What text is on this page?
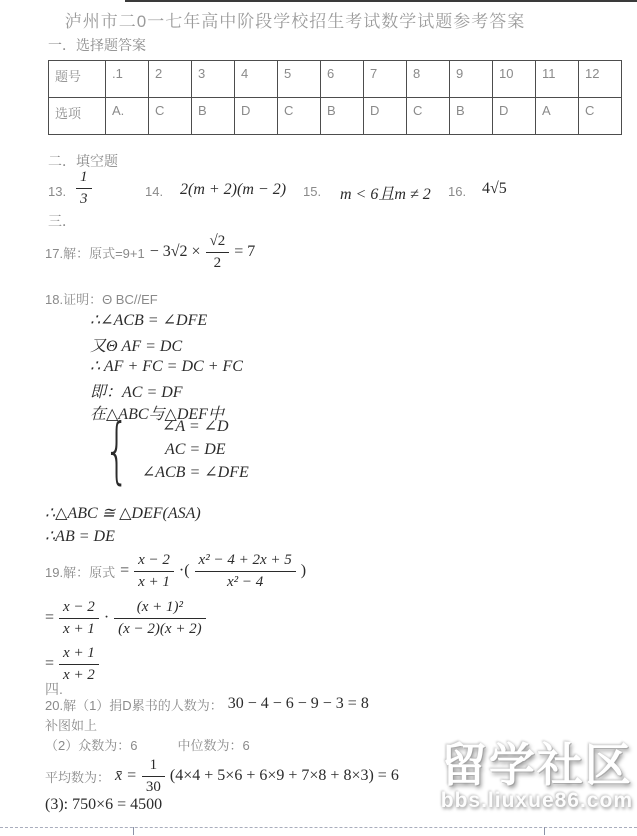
泸州市二0一七年高中阶段学校招生考试数学试题参考答案
一．选择题答案
题号	.1	2	3	4	5	6	7	8	9	10	11	12
选项	A.	C	B	D	C	B	D	C	B	D	A	C
二．填空题
13. $\frac{1}{3}$	14. 2(m + 2)(m − 2) 15. m < 6且m ≠ 2 16. 4√5
三．
17.解：原式$=9+1 - 3√2 \times \frac{√2}{2} = 7$
18.证明：Θ BC//EF
∴∠ACB = ∠DFE
又Θ AF = DC
∴ AF + FC = DC + FC
即：AC = DF
在△ABC与△DEF中
{ ∠A = ∠D
AC = DE
∠ACB = ∠DFE
∴△ABC ≅ △DEF(ASA)
∴AB = DE
19.解：原式 = $\frac{x - 2}{x + 1}$ ·( $\frac{\text{x² − 4 + 2x + 5}}{\text{x² − 4}}$ )
= $\frac{x - 2}{x + 1} \cdot \frac{\text{(x + 1)²}}{(x - 2)(x + 2)}$
= $\frac{x + 1}{x + 2}$
四.
20.解（1）捐D累书的人数为： 30 − 4 − 6 − 9 − 3 = 8
补图如上
（2）众数为：6	中位数为：6
平均数为： x̄ = $\frac{1}{30} (4\times 4 + 5\times 6 + 6\times 9 + 7\times 8 + 8\times 3) = 6$
(3): 750×6 = 4500
留学社区
bbs.liuxue86.com
